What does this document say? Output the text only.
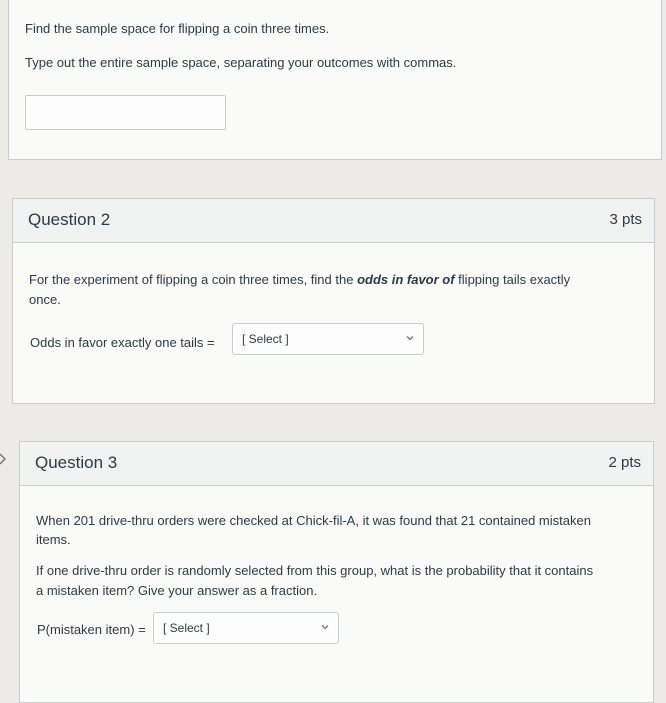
Find the sample space for flipping a coin three times.
Type out the entire sample space, separating your outcomes with commas.
Question 2	3 pts
For the experiment of flipping a coin three times, find the odds in favor of flipping tails exactly
once.
Odds in favor exactly one tails = [ Select ]
Question 3	2 pts
When 201 drive-thru orders were checked at Chick-fil-A, it was found that 21 contained mistaken
items.
If one drive-thru order is randomly selected from this group, what is the probability that it contains
a mistaken item? Give your answer as a fraction.
P(mistaken item) = [ Select ]
